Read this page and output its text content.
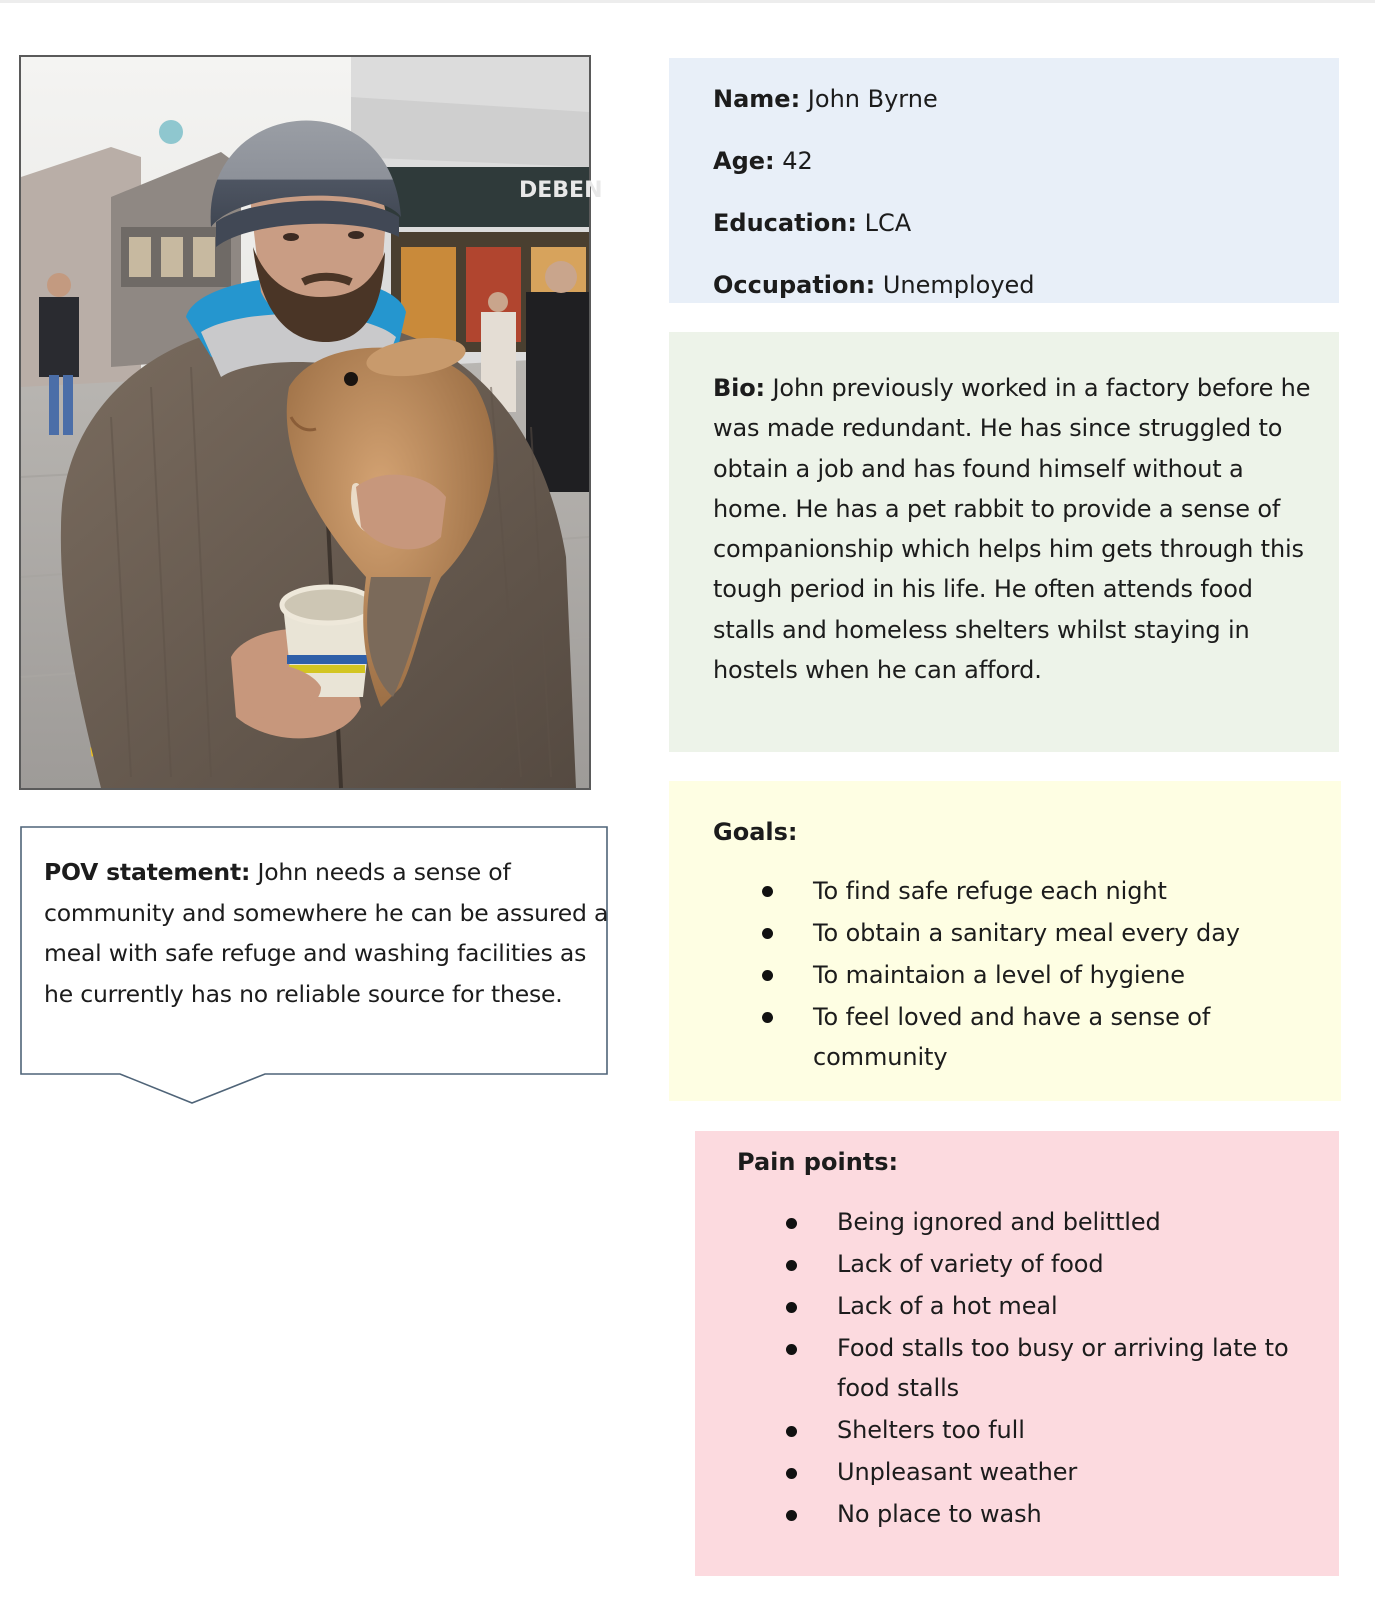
DEBEN
POV statement: John needs a sense of community and somewhere he can be assured a meal with safe refuge and washing facilities as he currently has no reliable source for these.
Name: John Byrne
Age: 42
Education: LCA
Occupation: Unemployed
Bio: John previously worked in a factory before he was made redundant. He has since struggled to obtain a job and has found himself without a home. He has a pet rabbit to provide a sense of companionship which helps him gets through this tough period in his life. He often attends food stalls and homeless shelters whilst staying in hostels when he can afford.
Goals:
To find safe refuge each night
To obtain a sanitary meal every day
To maintaion a level of hygiene
To feel loved and have a sense of community
Pain points:
Being ignored and belittled
Lack of variety of food
Lack of a hot meal
Food stalls too busy or arriving late to food stalls
Shelters too full
Unpleasant weather
No place to wash
